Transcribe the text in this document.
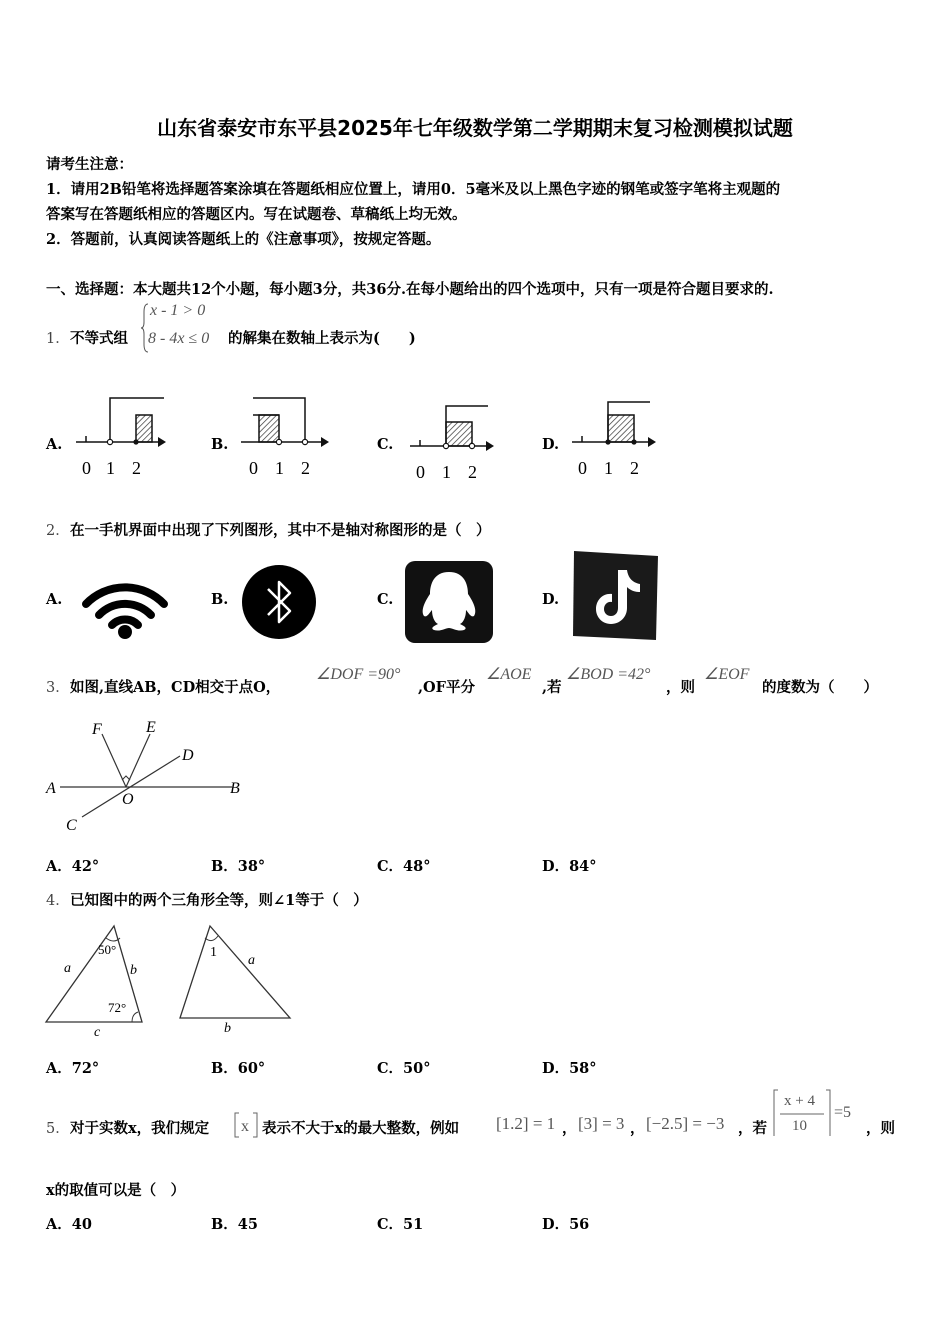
山东省泰安市东平县2025年七年级数学第二学期期末复习检测模拟试题
请考生注意：
1．请用2B铅笔将选择题答案涂填在答题纸相应位置上，请用0．5毫米及以上黑色字迹的钢笔或签字笔将主观题的
答案写在答题纸相应的答题区内。写在试题卷、草稿纸上均无效。
2．答题前，认真阅读答题纸上的《注意事项》，按规定答题。
一、选择题：本大题共12个小题，每小题3分，共36分.在每小题给出的四个选项中，只有一项是符合题目要求的.
1． 不等式组
x - 1 > 0
8 - 4x ≤ 0 的解集在数轴上表示为(　　)
A.
0 1 2
B.
0 1 2
C.
0 1 2
D.
0 1 2
2． 在一手机界面中出现了下列图形，其中不是轴对称图形的是（　）
A.	B.	C.	D.
3． 如图,直线AB，CD相交于点O，
∠DOF =90°
,OF平分
∠AOE
,若
∠BOD =42°
，则
∠EOF
的度数为（　　）
F	E
D
A
O
B
C
A．42°	B．38°	C．48°	D．84°
4． 已知图中的两个三角形全等，则∠1等于（　）
50°
72°
a	b
c
1
a
b
A．72°	B．60°	C．50°	D．58°
5． 对于实数x，我们规定 x 表示不大于x的最大整数，例如 [1.2] = 1 ， [3] = 3 ， [−2.5] = −3 ，若
x + 4
10
=5
，则
x的取值可以是（　）
A．40	B．45	C．51	D．56
